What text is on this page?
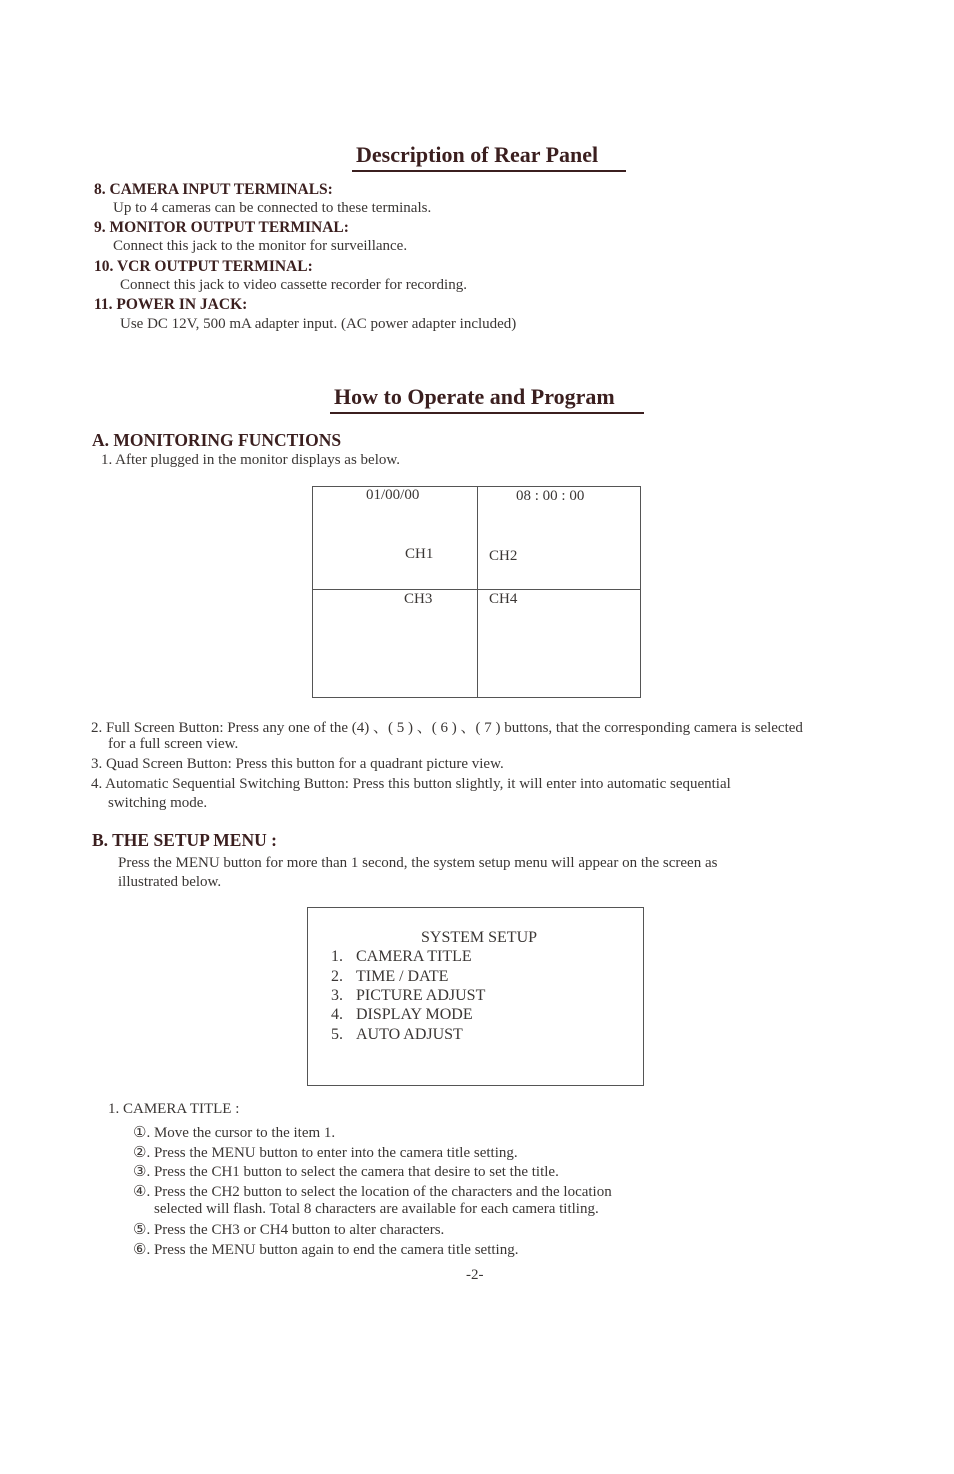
Description of Rear Panel
8. CAMERA INPUT TERMINALS:
Up to 4 cameras can be connected to these terminals.
9. MONITOR OUTPUT TERMINAL:
Connect this jack to the monitor for surveillance.
10. VCR OUTPUT TERMINAL:
Connect this jack to video cassette recorder for recording.
11. POWER IN JACK:
Use DC 12V, 500 mA adapter input. (AC power adapter included)
How to Operate and Program
A. MONITORING FUNCTIONS
1. After plugged in the monitor displays as below.
01/00/00	08 : 00 : 00
CH1	CH2
CH3	CH4
2. Full Screen Button: Press any one of the (4) 、( 5 ) 、( 6 ) 、( 7 ) buttons, that the corresponding camera is selected
for a full screen view.
3. Quad Screen Button: Press this button for a quadrant picture view.
4. Automatic Sequential Switching Button: Press this button slightly, it will enter into automatic sequential
switching mode.
B. THE SETUP MENU :
Press the MENU button for more than 1 second, the system setup menu will appear on the screen as
illustrated below.
SYSTEM SETUP
1. CAMERA TITLE
2. TIME / DATE
3. PICTURE ADJUST
4. DISPLAY MODE
5. AUTO ADJUST
1. CAMERA TITLE :
①. Move the cursor to the item 1.
②. Press the MENU button to enter into the camera title setting.
③. Press the CH1 button to select the camera that desire to set the title.
④. Press the CH2 button to select the location of the characters and the location
selected will flash. Total 8 characters are available for each camera titling.
⑤. Press the CH3 or CH4 button to alter characters.
⑥. Press the MENU button again to end the camera title setting.
-2-
